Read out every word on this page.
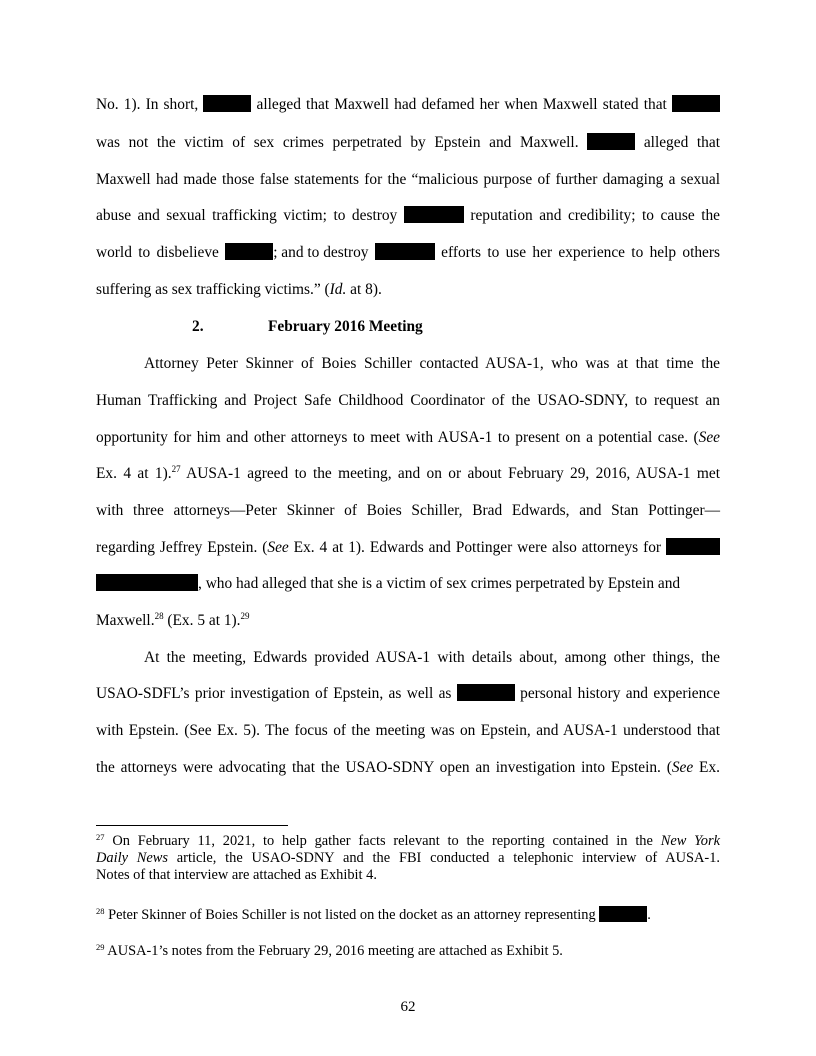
No. 1). In short,	alleged that Maxwell had defamed her when Maxwell stated that
was not the victim of sex crimes perpetrated by Epstein and Maxwell.	alleged that
Maxwell had made those false statements for the “malicious purpose of further damaging a sexual
abuse and sexual trafficking victim; to destroy	reputation and credibility; to cause the
world to disbelieve	; and to destroy	efforts to use her experience to help others
suffering as sex trafficking victims.” (Id. at 8).
2.	February 2016 Meeting
Attorney Peter Skinner of Boies Schiller contacted AUSA-1, who was at that time the
Human Trafficking and Project Safe Childhood Coordinator of the USAO-SDNY, to request an
opportunity for him and other attorneys to meet with AUSA-1 to present on a potential case. (See
Ex. 4 at 1).$^{27}$ AUSA-1 agreed to the meeting, and on or about February 29, 2016, AUSA-1 met
with three attorneys—Peter Skinner of Boies Schiller, Brad Edwards, and Stan Pottinger—
regarding Jeffrey Epstein. (See Ex. 4 at 1). Edwards and Pottinger were also attorneys for
, who had alleged that she is a victim of sex crimes perpetrated by Epstein and
Maxwell.$^{28}$ (Ex. 5 at 1).$^{29}$
At the meeting, Edwards provided AUSA-1 with details about, among other things, the
USAO-SDFL’s prior investigation of Epstein, as well as	personal history and experience
with Epstein. (See Ex. 5). The focus of the meeting was on Epstein, and AUSA-1 understood that
the attorneys were advocating that the USAO-SDNY open an investigation into Epstein. (See Ex.
$^{27}$ On February 11, 2021, to help gather facts relevant to the reporting contained in the New York
Daily News article, the USAO-SDNY and the FBI conducted a telephonic interview of AUSA-1.
Notes of that interview are attached as Exhibit 4.
$^{28}$ Peter Skinner of Boies Schiller is not listed on the docket as an attorney representing	.
$^{29}$ AUSA-1’s notes from the February 29, 2016 meeting are attached as Exhibit 5.
62
